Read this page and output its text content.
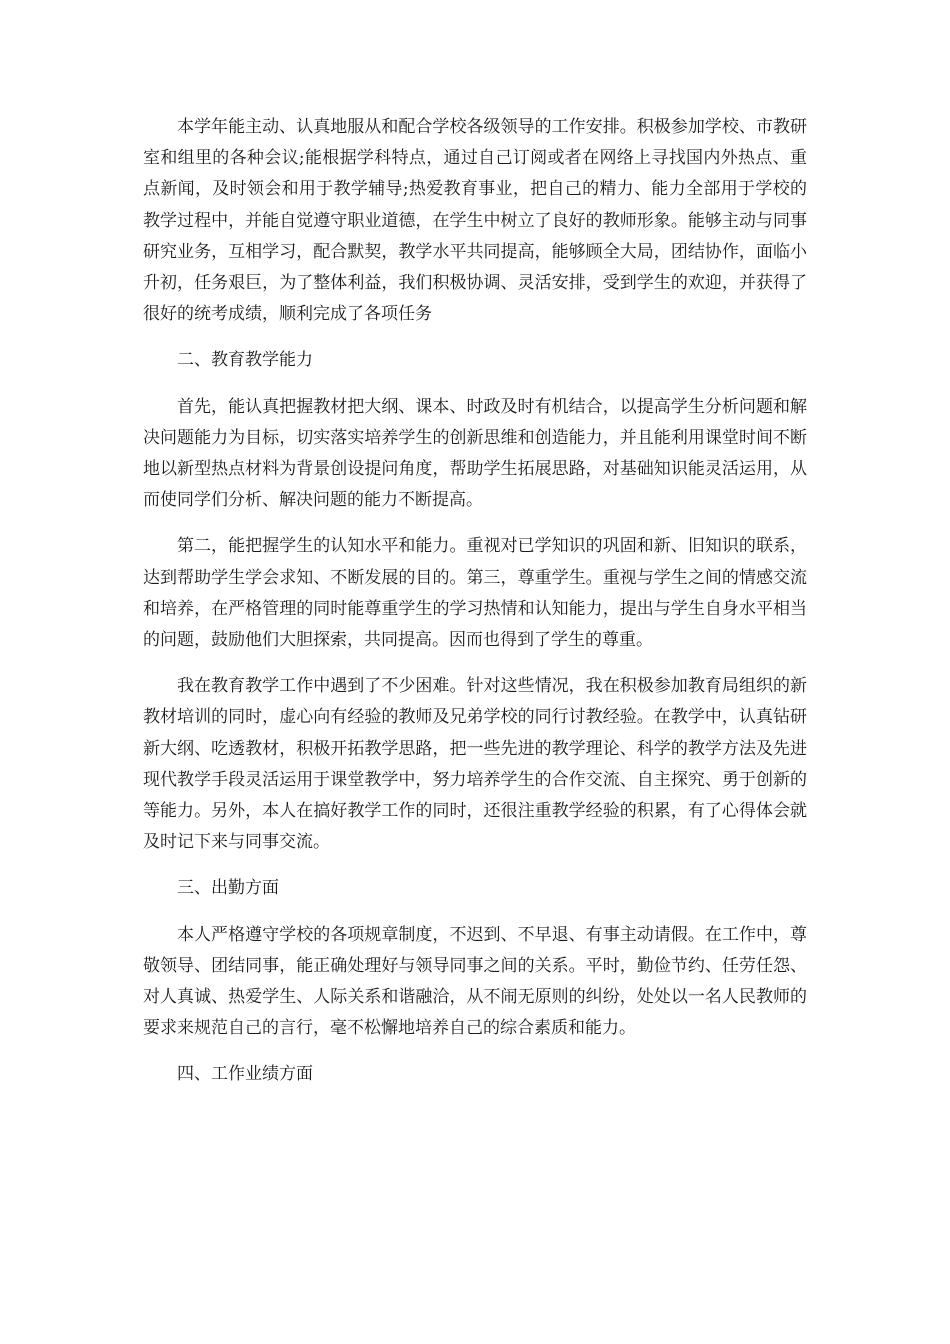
本学年能主动、认真地服从和配合学校各级领导的工作安排。积极参加学校、市教研室和组里的各种会议;能根据学科特点，通过自己订阅或者在网络上寻找国内外热点、重点新闻，及时领会和用于教学辅导;热爱教育事业，把自己的精力、能力全部用于学校的教学过程中，并能自觉遵守职业道德，在学生中树立了良好的教师形象。能够主动与同事研究业务，互相学习，配合默契，教学水平共同提高，能够顾全大局，团结协作，面临小升初，任务艰巨，为了整体利益，我们积极协调、灵活安排，受到学生的欢迎，并获得了很好的统考成绩，顺利完成了各项任务

二、教育教学能力

首先，能认真把握教材把大纲、课本、时政及时有机结合，以提高学生分析问题和解决问题能力为目标，切实落实培养学生的创新思维和创造能力，并且能利用课堂时间不断地以新型热点材料为背景创设提问角度，帮助学生拓展思路，对基础知识能灵活运用，从而使同学们分析、解决问题的能力不断提高。

第二，能把握学生的认知水平和能力。重视对已学知识的巩固和新、旧知识的联系，达到帮助学生学会求知、不断发展的目的。第三，尊重学生。重视与学生之间的情感交流和培养，在严格管理的同时能尊重学生的学习热情和认知能力，提出与学生自身水平相当的问题，鼓励他们大胆探索，共同提高。因而也得到了学生的尊重。

我在教育教学工作中遇到了不少困难。针对这些情况，我在积极参加教育局组织的新教材培训的同时，虚心向有经验的教师及兄弟学校的同行讨教经验。在教学中，认真钻研新大纲、吃透教材，积极开拓教学思路，把一些先进的教学理论、科学的教学方法及先进现代教学手段灵活运用于课堂教学中，努力培养学生的合作交流、自主探究、勇于创新的等能力。另外，本人在搞好教学工作的同时，还很注重教学经验的积累，有了心得体会就及时记下来与同事交流。

三、出勤方面

本人严格遵守学校的各项规章制度，不迟到、不早退、有事主动请假。在工作中，尊敬领导、团结同事，能正确处理好与领导同事之间的关系。平时，勤俭节约、任劳任怨、对人真诚、热爱学生、人际关系和谐融洽，从不闹无原则的纠纷，处处以一名人民教师的要求来规范自己的言行，毫不松懈地培养自己的综合素质和能力。

四、工作业绩方面
